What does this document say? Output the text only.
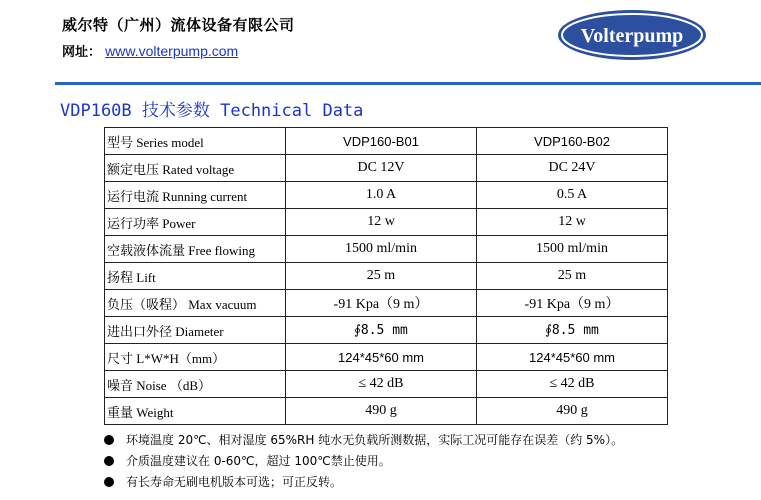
威尔特（广州）流体设备有限公司
网址： www.volterpump.com
Volterpump
VDP160B 技术参数 Technical Data
型号 Series model	VDP160-B01	VDP160-B02
额定电压 Rated voltage	DC 12V	DC 24V
运行电流 Running current	1.0 A	0.5 A
运行功率 Power	12 w	12 w
空载液体流量 Free flowing	1500 ml/min	1500 ml/min
扬程 Lift	25 m	25 m
负压（吸程） Max vacuum	-91 Kpa（9 m）	-91 Kpa（9 m）
进出口外径 Diameter	∮8.5 mm	∮8.5 mm
尺寸 L*W*H（mm）	124*45*60 mm	124*45*60 mm
噪音 Noise （dB）	≤ 42 dB	≤ 42 dB
重量 Weight	490 g	490 g
环境温度 20℃、相对湿度 65%RH 纯水无负载所测数据，实际工况可能存在误差（约 5%）。
介质温度建议在 0-60℃，超过 100℃禁止使用。
有长寿命无刷电机版本可选；可正反转。
